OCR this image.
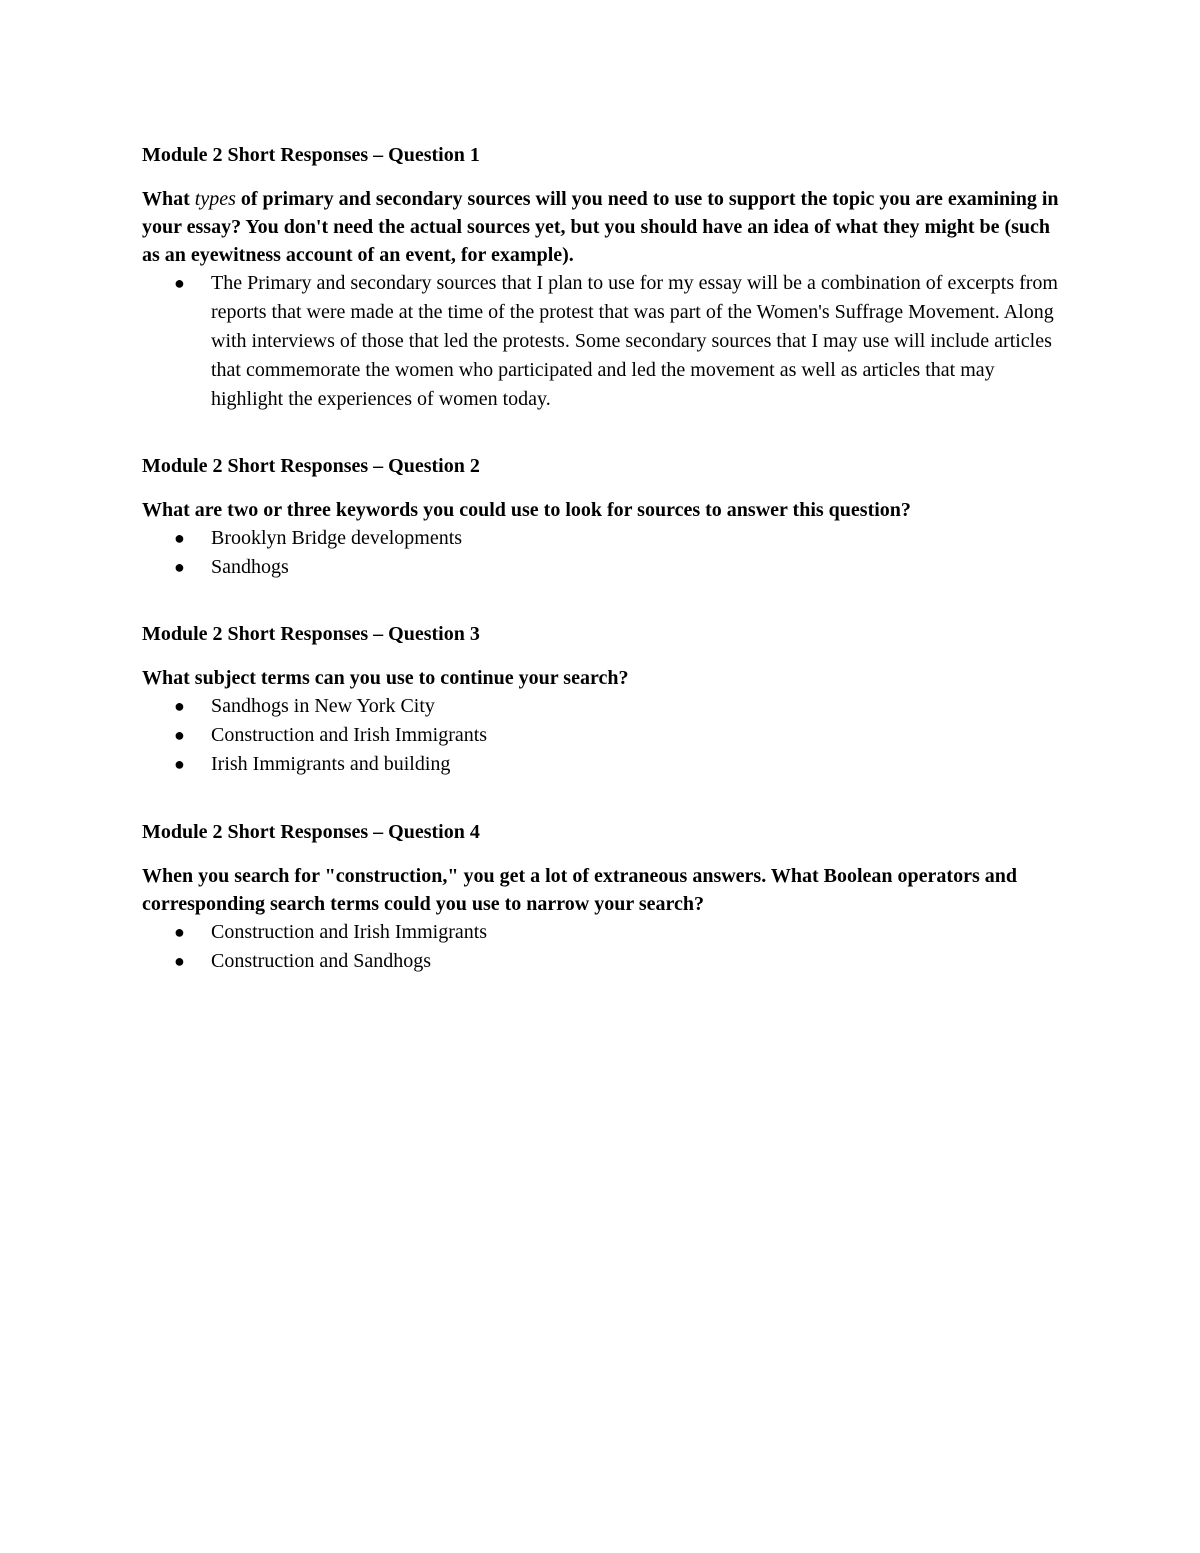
Module 2 Short Responses – Question 1

What types of primary and secondary sources will you need to use to support the topic you are examining in your essay? You don't need the actual sources yet, but you should have an idea of what they might be (such as an eyewitness account of an event, for example).

● The Primary and secondary sources that I plan to use for my essay will be a combination of excerpts from reports that were made at the time of the protest that was part of the Women's Suffrage Movement. Along with interviews of those that led the protests. Some secondary sources that I may use will include articles that commemorate the women who participated and led the movement as well as articles that may highlight the experiences of women today.

Module 2 Short Responses – Question 2

What are two or three keywords you could use to look for sources to answer this question?

● Brooklyn Bridge developments
● Sandhogs

Module 2 Short Responses – Question 3

What subject terms can you use to continue your search?

● Sandhogs in New York City
● Construction and Irish Immigrants
● Irish Immigrants and building

Module 2 Short Responses – Question 4

When you search for "construction," you get a lot of extraneous answers. What Boolean operators and corresponding search terms could you use to narrow your search?

● Construction and Irish Immigrants
● Construction and Sandhogs
